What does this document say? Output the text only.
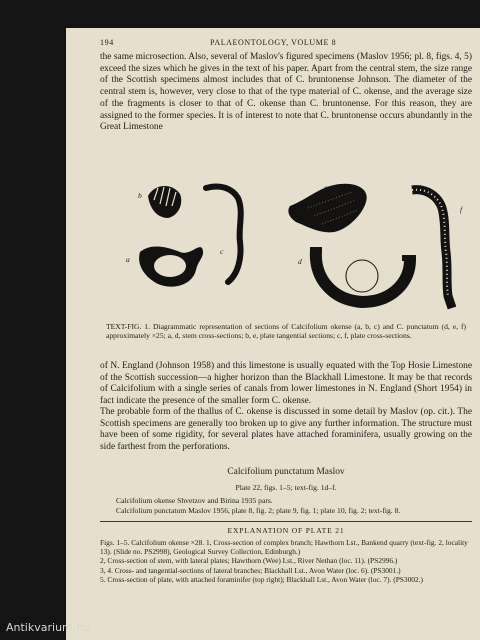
194	PALAEONTOLOGY, VOLUME 8
the same microsection. Also, several of Maslov's figured specimens (Maslov 1956; pl. 8, figs. 4, 5) exceed the sizes which he gives in the text of his paper. Apart from the central stem, the size range of the Scottish specimens almost includes that of C. bruntonense Johnson. The diameter of the central stem is, however, very close to that of the type material of C. okense, and the average size of the fragments is closer to that of C. okense than C. bruntonense. For this reason, they are assigned to the former species. It is of interest to note that C. bruntonense occurs abundantly in the Great Limestone
b
c
a
e
d
f
TEXT-FIG. 1. Diagrammatic representation of sections of Calcifolium okense (a, b, c) and C. punctatum (d, e, f) approximately ×25; a, d, stem cross-sections; b, e, plate tangential sections; c, f, plate cross-sections.
of N. England (Johnson 1958) and this limestone is usually equated with the Top Hosie Limestone of the Scottish succession—a higher horizon than the Blackhall Limestone. It may be that records of Calcifolium with a single series of canals from lower limestones in N. England (Short 1954) in fact indicate the presence of the smaller form C. okense.
The probable form of the thallus of C. okense is discussed in some detail by Maslov (op. cit.). The Scottish specimens are generally too broken up to give any further information. The structure must have been of some rigidity, for several plates have attached foraminifera, usually growing on the side farthest from the perforations.
Calcifolium punctatum Maslov
Plate 22, figs. 1–5; text-fig. 1d–f.
Calcifolium okense Shvetzov and Birina 1935 pars.
Calcifolium punctatum Maslov 1956, plate 8, fig. 2; plate 9, fig. 1; plate 10, fig. 2; text-fig. 8.
EXPLANATION OF PLATE 21
Figs. 1–5. Calcifolium okense ×28. 1, Cross-section of complex branch; Hawthorn Lst., Bankend quarry (text-fig. 2, locality 13). (Slide no. PS2998), Geological Survey Collection, Edinburgh.)
2, Cross-section of stem, with lateral plates; Hawthorn (Wee) Lst., River Nethan (loc. 11). (PS2996.)
3, 4. Cross- and tangential-sections of lateral branches; Blackhall Lst., Avon Water (loc. 6). (PS3001.)
5. Cross-section of plate, with attached foraminifer (top right); Blackhall Lst., Avon Water (loc. 7). (PS3002.)
Antikvarium.hu
